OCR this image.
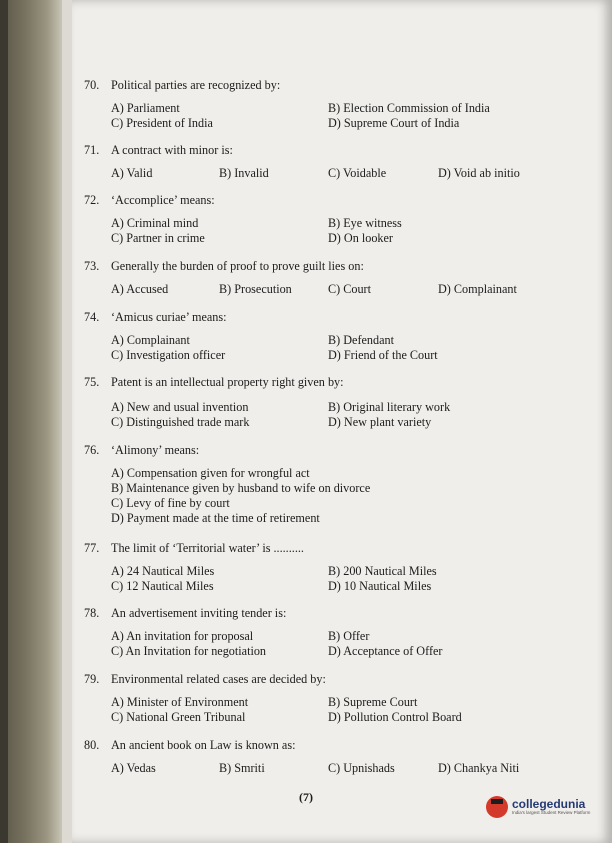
70. Political parties are recognized by:
A) Parliament	B) Election Commission of India
C) President of India	D) Supreme Court of India
71. A contract with minor is:
A) Valid	B) Invalid	C) Voidable	D) Void ab initio
72. ‘Accomplice’ means:
A) Criminal mind	B) Eye witness
C) Partner in crime	D) On looker
73. Generally the burden of proof to prove guilt lies on:
A) Accused	B) Prosecution	C) Court	D) Complainant
74. ‘Amicus curiae’ means:
A) Complainant	B) Defendant
C) Investigation officer	D) Friend of the Court
75. Patent is an intellectual property right given by:
A) New and usual invention	B) Original literary work
C) Distinguished trade mark	D) New plant variety
76. ‘Alimony’ means:
A) Compensation given for wrongful act
B) Maintenance given by husband to wife on divorce
C) Levy of fine by court
D) Payment made at the time of retirement
77. The limit of ‘Territorial water’ is ..........
A) 24 Nautical Miles	B) 200 Nautical Miles
C) 12 Nautical Miles	D) 10 Nautical Miles
78. An advertisement inviting tender is:
A) An invitation for proposal	B) Offer
C) An Invitation for negotiation	D) Acceptance of Offer
79. Environmental related cases are decided by:
A) Minister of Environment	B) Supreme Court
C) National Green Tribunal	D) Pollution Control Board
80. An ancient book on Law is known as:
A) Vedas	B) Smriti	C) Upnishads	D) Chankya Niti
(7)	collegedunia
India's largest Student Review Platform
